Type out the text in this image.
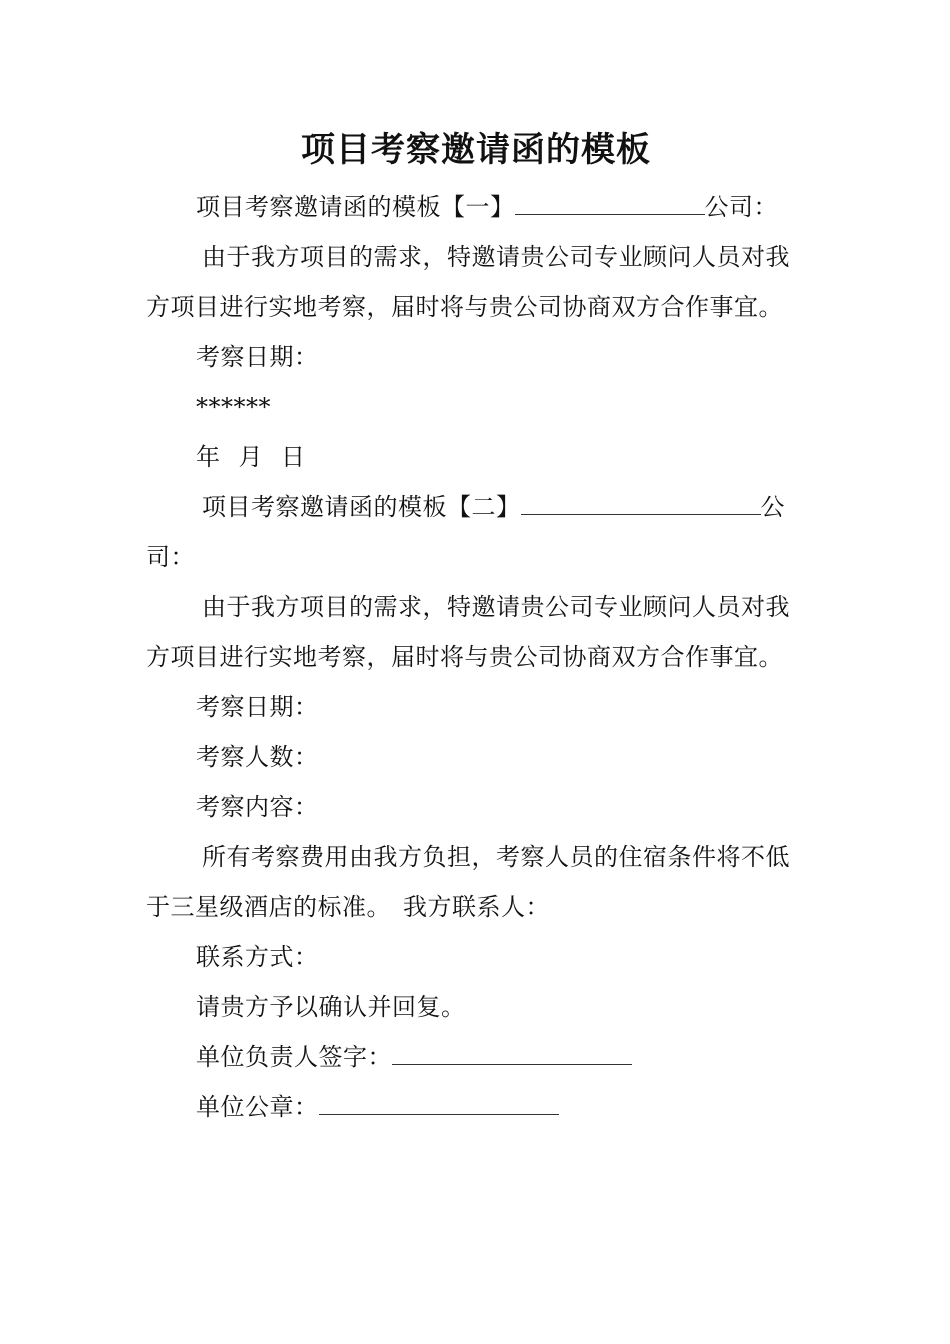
项目考察邀请函的模板

项目考察邀请函的模板【一】	公司：

由于我方项目的需求，特邀请贵公司专业顾问人员对我方项目进行实地考察，届时将与贵公司协商双方合作事宜。

考察日期：

******

年 月 日

项目考察邀请函的模板【二】	公司：

由于我方项目的需求，特邀请贵公司专业顾问人员对我方项目进行实地考察，届时将与贵公司协商双方合作事宜。

考察日期：

考察人数：

考察内容：

所有考察费用由我方负担，考察人员的住宿条件将不低于三星级酒店的标准。 我方联系人：

联系方式：

请贵方予以确认并回复。

单位负责人签字：

单位公章：
